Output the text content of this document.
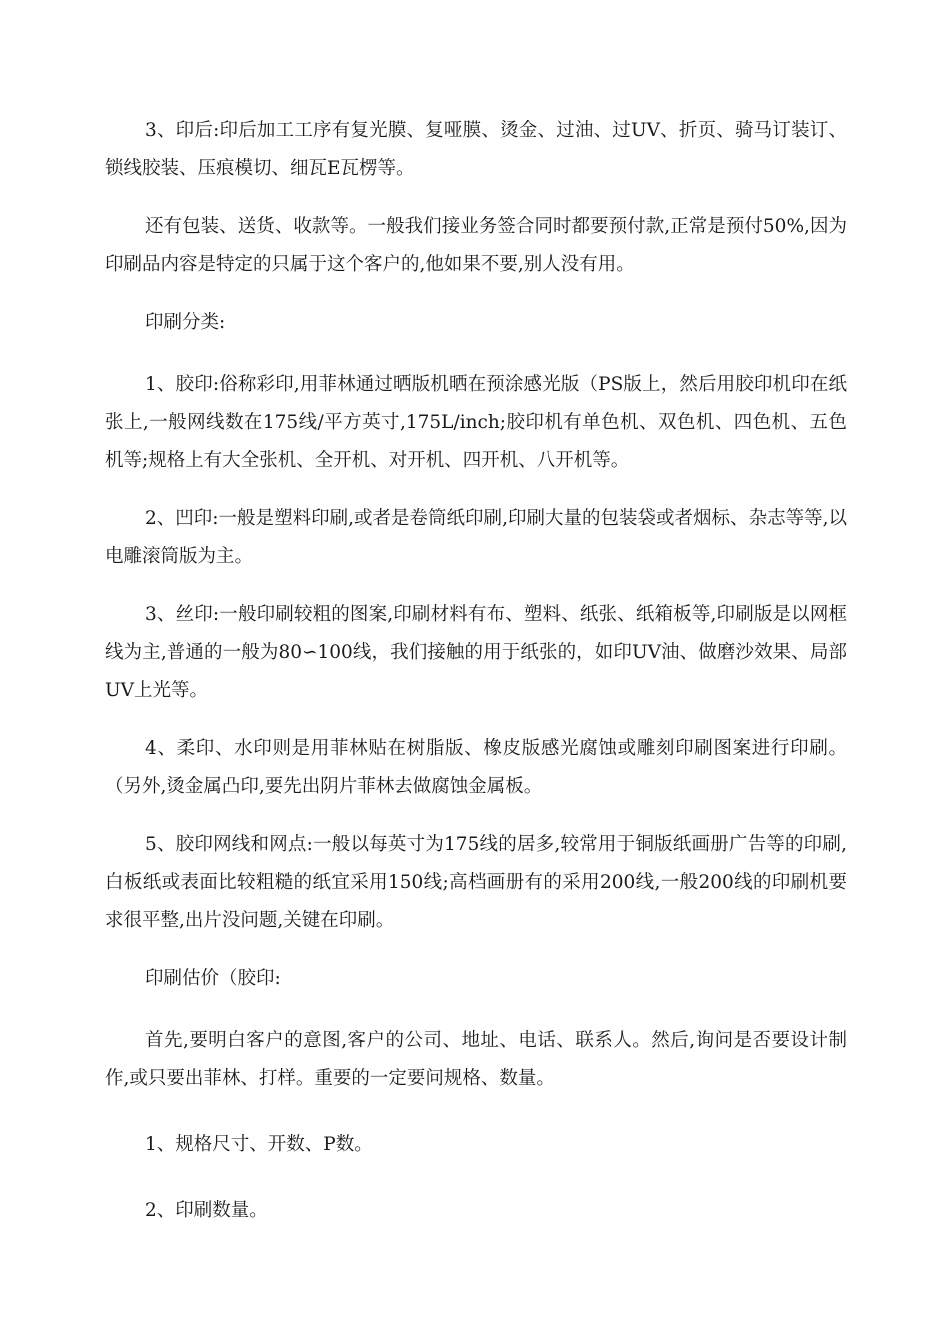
3、印后:印后加工工序有复光膜、复哑膜、烫金、过油、过UV、折页、骑马订装订、锁线胶装、压痕模切、细瓦E瓦楞等。

还有包装、送货、收款等。一般我们接业务签合同时都要预付款,正常是预付50%,因为印刷品内容是特定的只属于这个客户的,他如果不要,别人没有用。

印刷分类:

1、胶印:俗称彩印,用菲林通过晒版机晒在预涂感光版（PS版上，然后用胶印机印在纸张上,一般网线数在175线/平方英寸,175L/inch;胶印机有单色机、双色机、四色机、五色机等;规格上有大全张机、全开机、对开机、四开机、八开机等。

2、凹印:一般是塑料印刷,或者是卷筒纸印刷,印刷大量的包装袋或者烟标、杂志等等,以电雕滚筒版为主。

3、丝印:一般印刷较粗的图案,印刷材料有布、塑料、纸张、纸箱板等,印刷版是以网框线为主,普通的一般为80∽100线，我们接触的用于纸张的，如印UV油、做磨沙效果、局部UV上光等。

4、柔印、水印则是用菲林贴在树脂版、橡皮版感光腐蚀或雕刻印刷图案进行印刷。（另外,烫金属凸印,要先出阴片菲林去做腐蚀金属板。

5、胶印网线和网点:一般以每英寸为175线的居多,较常用于铜版纸画册广告等的印刷,白板纸或表面比较粗糙的纸宜采用150线;高档画册有的采用200线,一般200线的印刷机要求很平整,出片没问题,关键在印刷。

印刷估价（胶印:

首先,要明白客户的意图,客户的公司、地址、电话、联系人。然后,询问是否要设计制作,或只要出菲林、打样。重要的一定要问规格、数量。

1、规格尺寸、开数、P数。

2、印刷数量。
